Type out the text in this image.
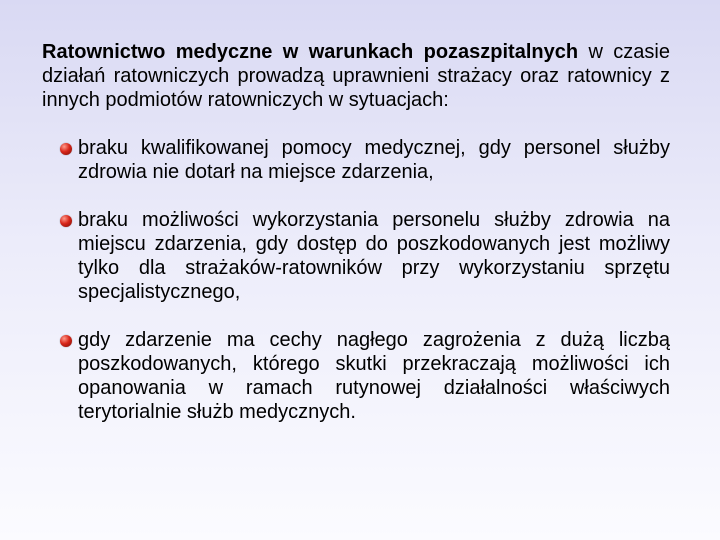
Ratownictwo medyczne w warunkach pozaszpitalnych w czasie działań ratowniczych prowadzą uprawnieni strażacy oraz ratownicy z innych podmiotów ratowniczych w sytuacjach:

braku kwalifikowanej pomocy medycznej, gdy personel służby zdrowia nie dotarł na miejsce zdarzenia,
braku możliwości wykorzystania personelu służby zdrowia na miejscu zdarzenia, gdy dostęp do poszkodowanych jest możliwy tylko dla strażaków-ratowników przy wykorzystaniu sprzętu specjalistycznego,
gdy zdarzenie ma cechy nagłego zagrożenia z dużą liczbą poszkodowanych, którego skutki przekraczają możliwości ich opanowania w ramach rutynowej działalności właściwych terytorialnie służb medycznych.
